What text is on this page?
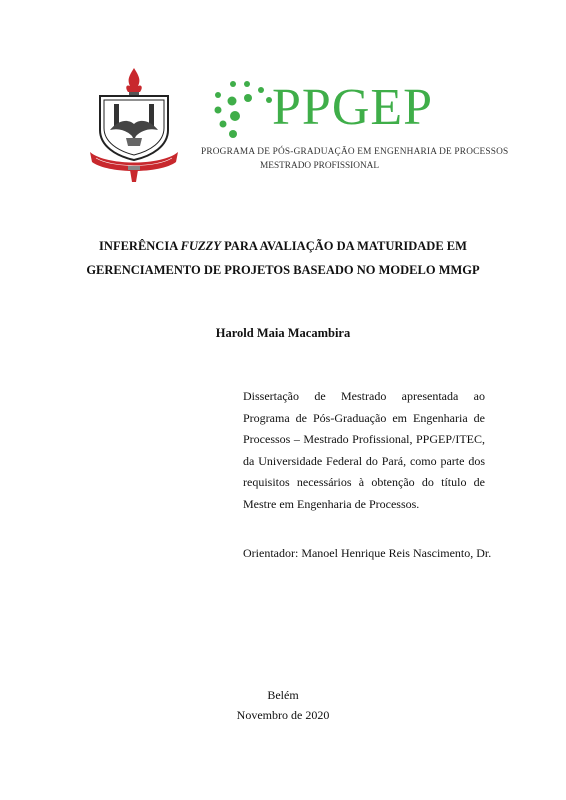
PPGEP
PROGRAMA DE PÓS-GRADUAÇÃO EM ENGENHARIA DE PROCESSOS
MESTRADO PROFISSIONAL
INFERÊNCIA FUZZY PARA AVALIAÇÃO DA MATURIDADE EM
GERENCIAMENTO DE PROJETOS BASEADO NO MODELO MMGP
Harold Maia Macambira
Dissertação de Mestrado apresentada ao Programa de Pós-Graduação em Engenharia de Processos – Mestrado Profissional, PPGEP/ITEC, da Universidade Federal do Pará, como parte dos requisitos necessários à obtenção do título de Mestre em Engenharia de Processos.
Orientador: Manoel Henrique Reis Nascimento, Dr.
Belém
Novembro de 2020
